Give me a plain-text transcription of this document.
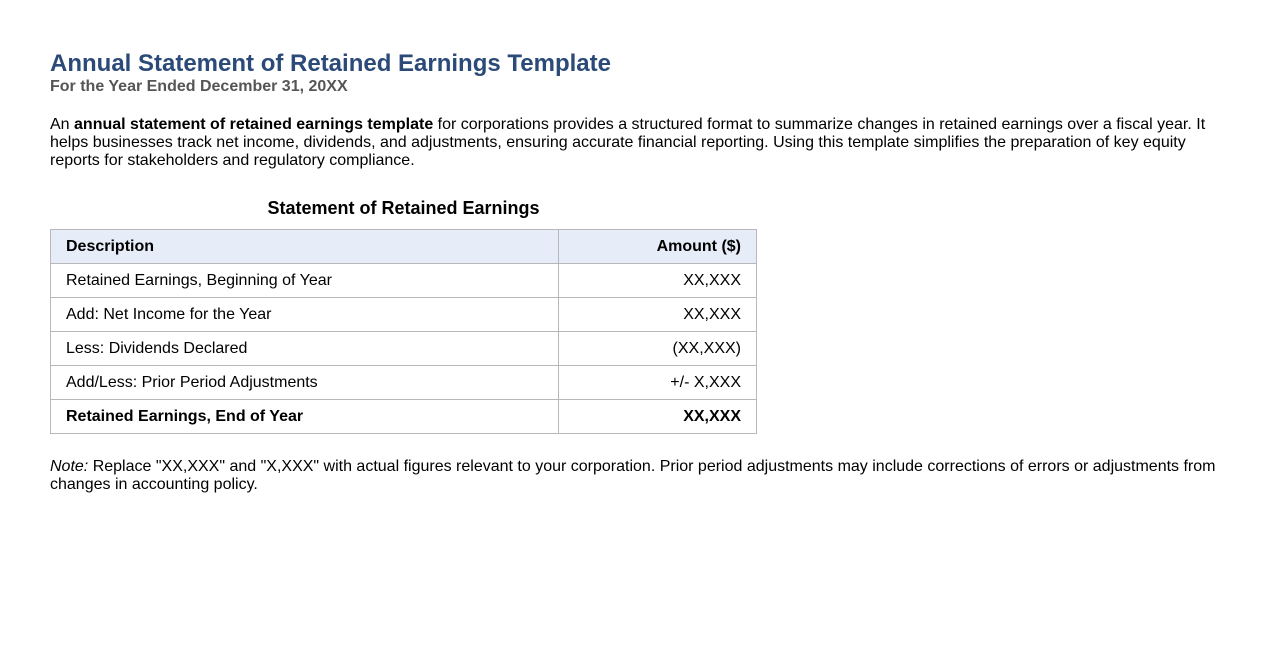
Annual Statement of Retained Earnings Template

For the Year Ended December 31, 20XX

An annual statement of retained earnings template for corporations provides a structured format to summarize changes in retained earnings over a fiscal year. It helps businesses track net income, dividends, and adjustments, ensuring accurate financial reporting. Using this template simplifies the preparation of key equity reports for stakeholders and regulatory compliance.

Statement of Retained Earnings
Description	Amount ($)
Retained Earnings, Beginning of Year	XX,XXX
Add: Net Income for the Year	XX,XXX
Less: Dividends Declared	(XX,XXX)
Add/Less: Prior Period Adjustments	+/- X,XXX
Retained Earnings, End of Year	XX,XXX

Note: Replace "XX,XXX" and "X,XXX" with actual figures relevant to your corporation. Prior period adjustments may include corrections of errors or adjustments from changes in accounting policy.
